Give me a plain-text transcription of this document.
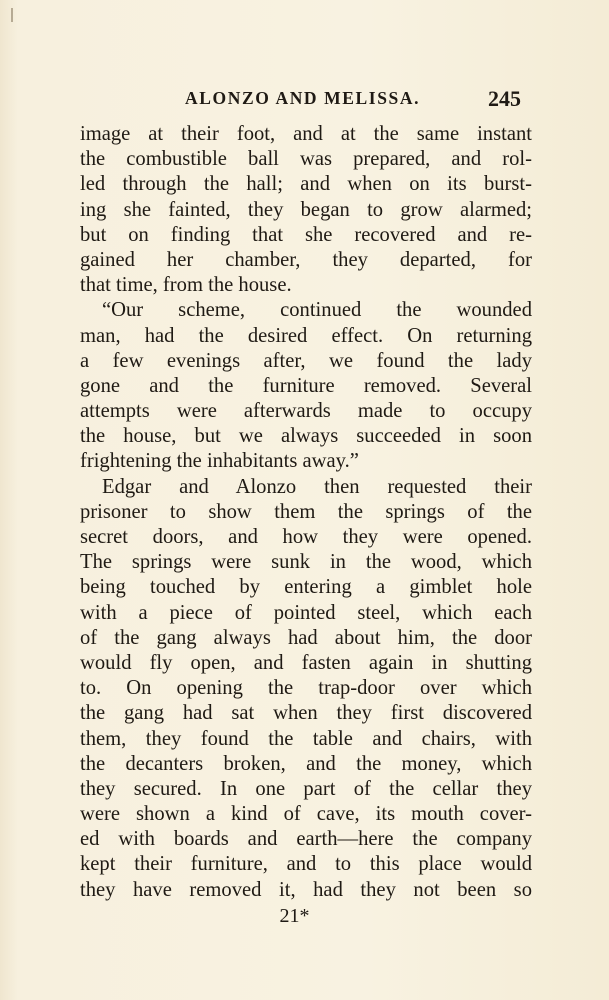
ALONZO AND MELISSA.	245
image at their foot, and at the same instant
the combustible ball was prepared, and rol-
led through the hall; and when on its burst-
ing she fainted, they began to grow alarmed;
but on finding that she recovered and re-
gained her chamber, they departed, for
that time, from the house.
“Our scheme, continued the wounded
man, had the desired effect. On returning
a few evenings after, we found the lady
gone and the furniture removed. Several
attempts were afterwards made to occupy
the house, but we always succeeded in soon
frightening the inhabitants away.”
Edgar and Alonzo then requested their
prisoner to show them the springs of the
secret doors, and how they were opened.
The springs were sunk in the wood, which
being touched by entering a gimblet hole
with a piece of pointed steel, which each
of the gang always had about him, the door
would fly open, and fasten again in shutting
to. On opening the trap-door over which
the gang had sat when they first discovered
them, they found the table and chairs, with
the decanters broken, and the money, which
they secured. In one part of the cellar they
were shown a kind of cave, its mouth cover-
ed with boards and earth—here the company
kept their furniture, and to this place would
they have removed it, had they not been so
21*
